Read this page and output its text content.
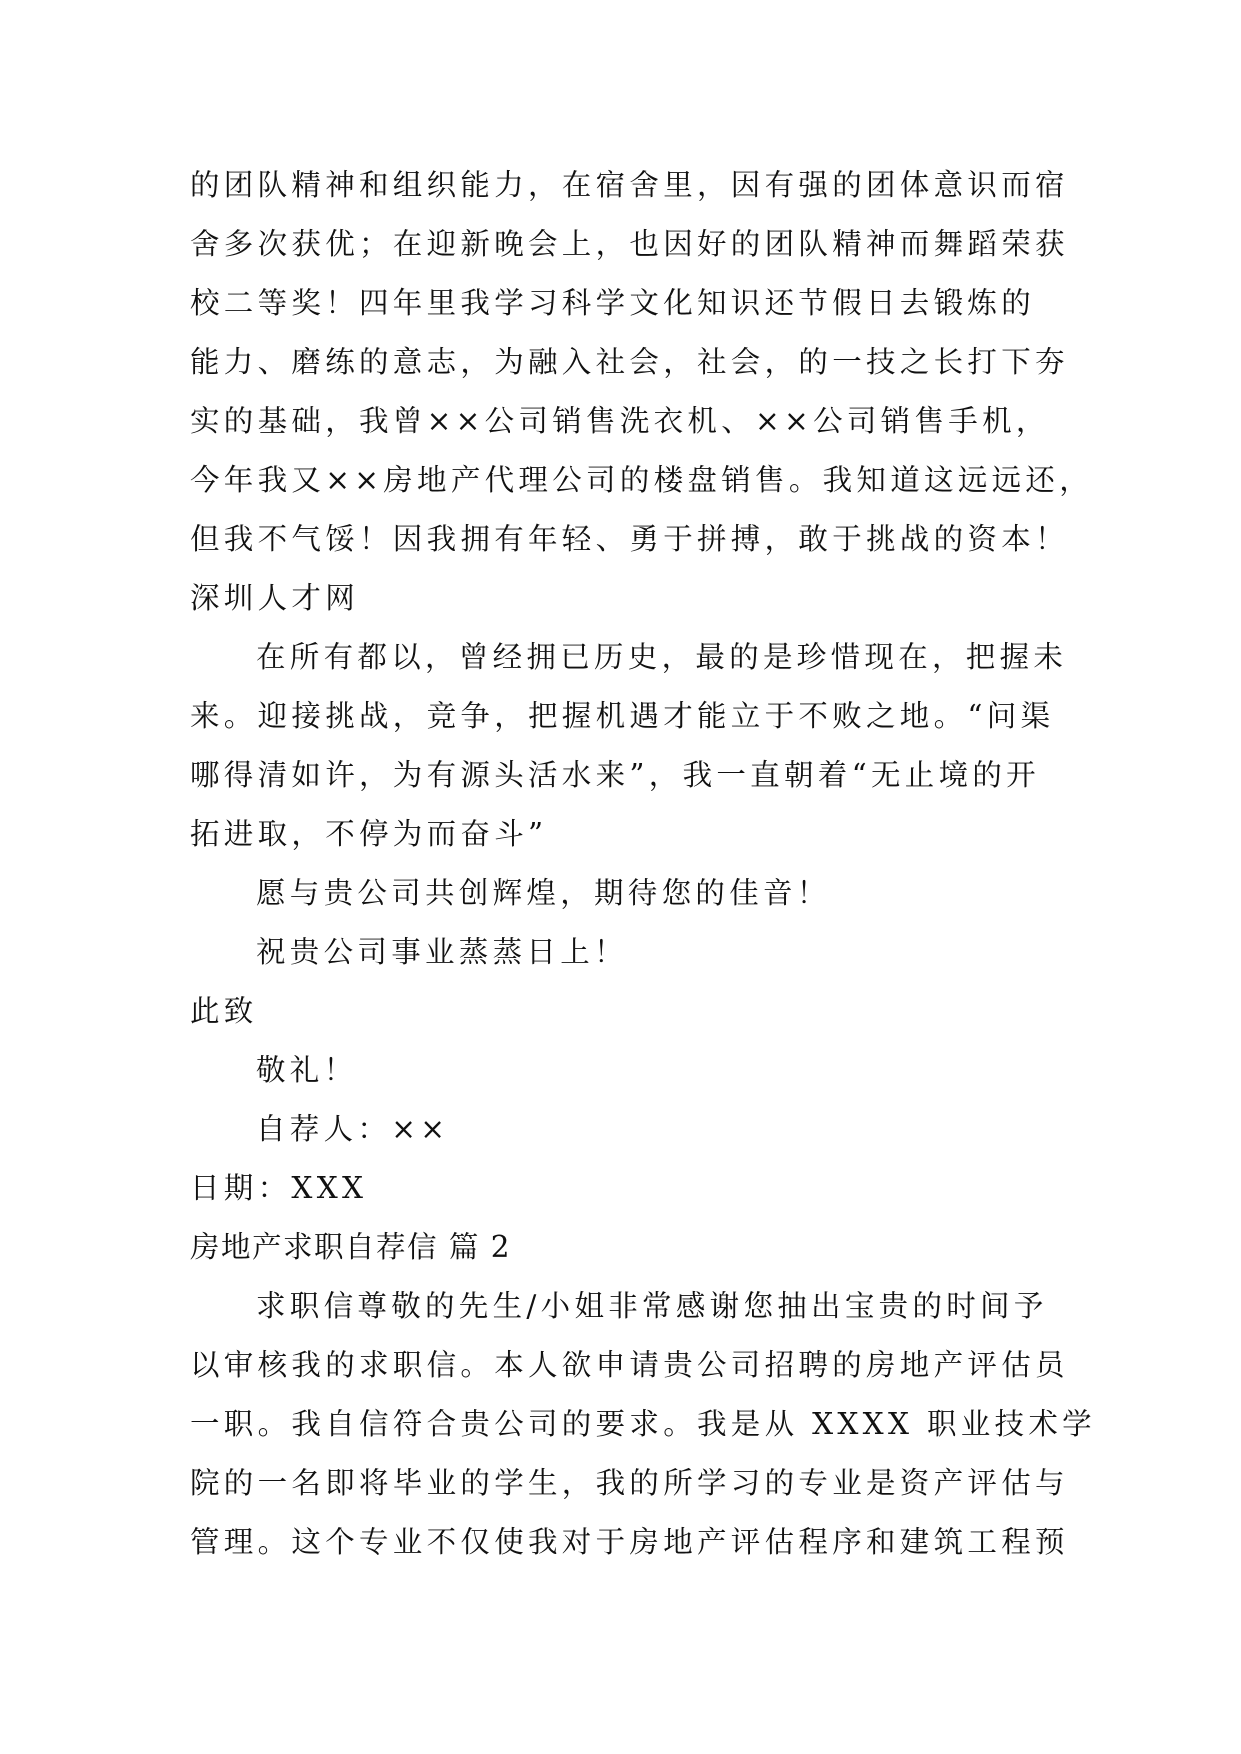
的团队精神和组织能力，在宿舍里，因有强的团体意识而宿
舍多次获优；在迎新晚会上，也因好的团队精神而舞蹈荣获
校二等奖！四年里我学习科学文化知识还节假日去锻炼的
能力、磨练的意志，为融入社会，社会，的一技之长打下夯
实的基础，我曾××公司销售洗衣机、××公司销售手机，
今年我又××房地产代理公司的楼盘销售。我知道这远远还，
但我不气馁！因我拥有年轻、勇于拼搏，敢于挑战的资本！
深圳人才网
在所有都以，曾经拥已历史，最的是珍惜现在，把握未
来。迎接挑战，竞争，把握机遇才能立于不败之地。“问渠
哪得清如许，为有源头活水来”，我一直朝着“无止境的开
拓进取，不停为而奋斗”
愿与贵公司共创辉煌，期待您的佳音！
祝贵公司事业蒸蒸日上！
此致
敬礼！
自荐人：××
日期：XXX
房地产求职自荐信 篇 2
求职信尊敬的先生/小姐非常感谢您抽出宝贵的时间予
以审核我的求职信。本人欲申请贵公司招聘的房地产评估员
一职。我自信符合贵公司的要求。我是从 XXXX 职业技术学
院的一名即将毕业的学生，我的所学习的专业是资产评估与
管理。这个专业不仅使我对于房地产评估程序和建筑工程预
